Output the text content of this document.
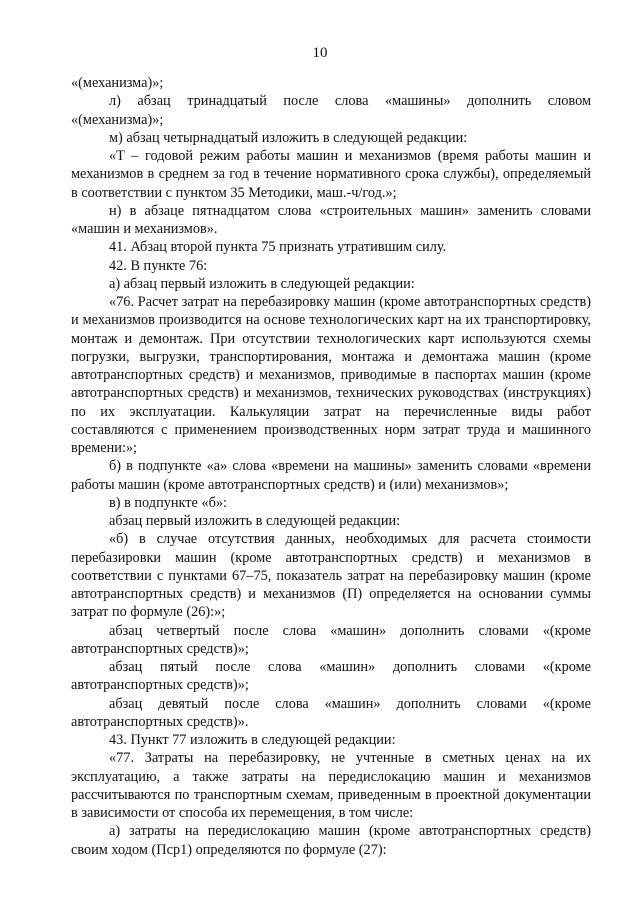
10

«(механизма)»;

л) абзац тринадцатый после слова «машины» дополнить словом «(механизма)»;

м) абзац четырнадцатый изложить в следующей редакции:

«T – годовой режим работы машин и механизмов (время работы машин и механизмов в среднем за год в течение нормативного срока службы), определяемый в соответствии с пунктом 35 Методики, маш.-ч/год.»;

н) в абзаце пятнадцатом слова «строительных машин» заменить словами «машин и механизмов».

41. Абзац второй пункта 75 признать утратившим силу.

42. В пункте 76:

а) абзац первый изложить в следующей редакции:

«76. Расчет затрат на перебазировку машин (кроме автотранспортных средств) и механизмов производится на основе технологических карт на их транспортировку, монтаж и демонтаж. При отсутствии технологических карт используются схемы погрузки, выгрузки, транспортирования, монтажа и демонтажа машин (кроме автотранспортных средств) и механизмов, приводимые в паспортах машин (кроме автотранспортных средств) и механизмов, технических руководствах (инструкциях) по их эксплуатации. Калькуляции затрат на перечисленные виды работ составляются с применением производственных норм затрат труда и машинного времени:»;

б) в подпункте «а» слова «времени на машины» заменить словами «времени работы машин (кроме автотранспортных средств) и (или) механизмов»;

в) в подпункте «б»:

абзац первый изложить в следующей редакции:

«б) в случае отсутствия данных, необходимых для расчета стоимости перебазировки машин (кроме автотранспортных средств) и механизмов в соответствии с пунктами 67–75, показатель затрат на перебазировку машин (кроме автотранспортных средств) и механизмов (П) определяется на основании суммы затрат по формуле (26):»;

абзац четвертый после слова «машин» дополнить словами «(кроме автотранспортных средств)»;

абзац пятый после слова «машин» дополнить словами «(кроме автотранспортных средств)»;

абзац девятый после слова «машин» дополнить словами «(кроме автотранспортных средств)».

43. Пункт 77 изложить в следующей редакции:

«77. Затраты на перебазировку, не учтенные в сметных ценах на их эксплуатацию, а также затраты на передислокацию машин и механизмов рассчитываются по транспортным схемам, приведенным в проектной документации в зависимости от способа их перемещения, в том числе:

а) затраты на передислокацию машин (кроме автотранспортных средств) своим ходом (Пср1) определяются по формуле (27):
